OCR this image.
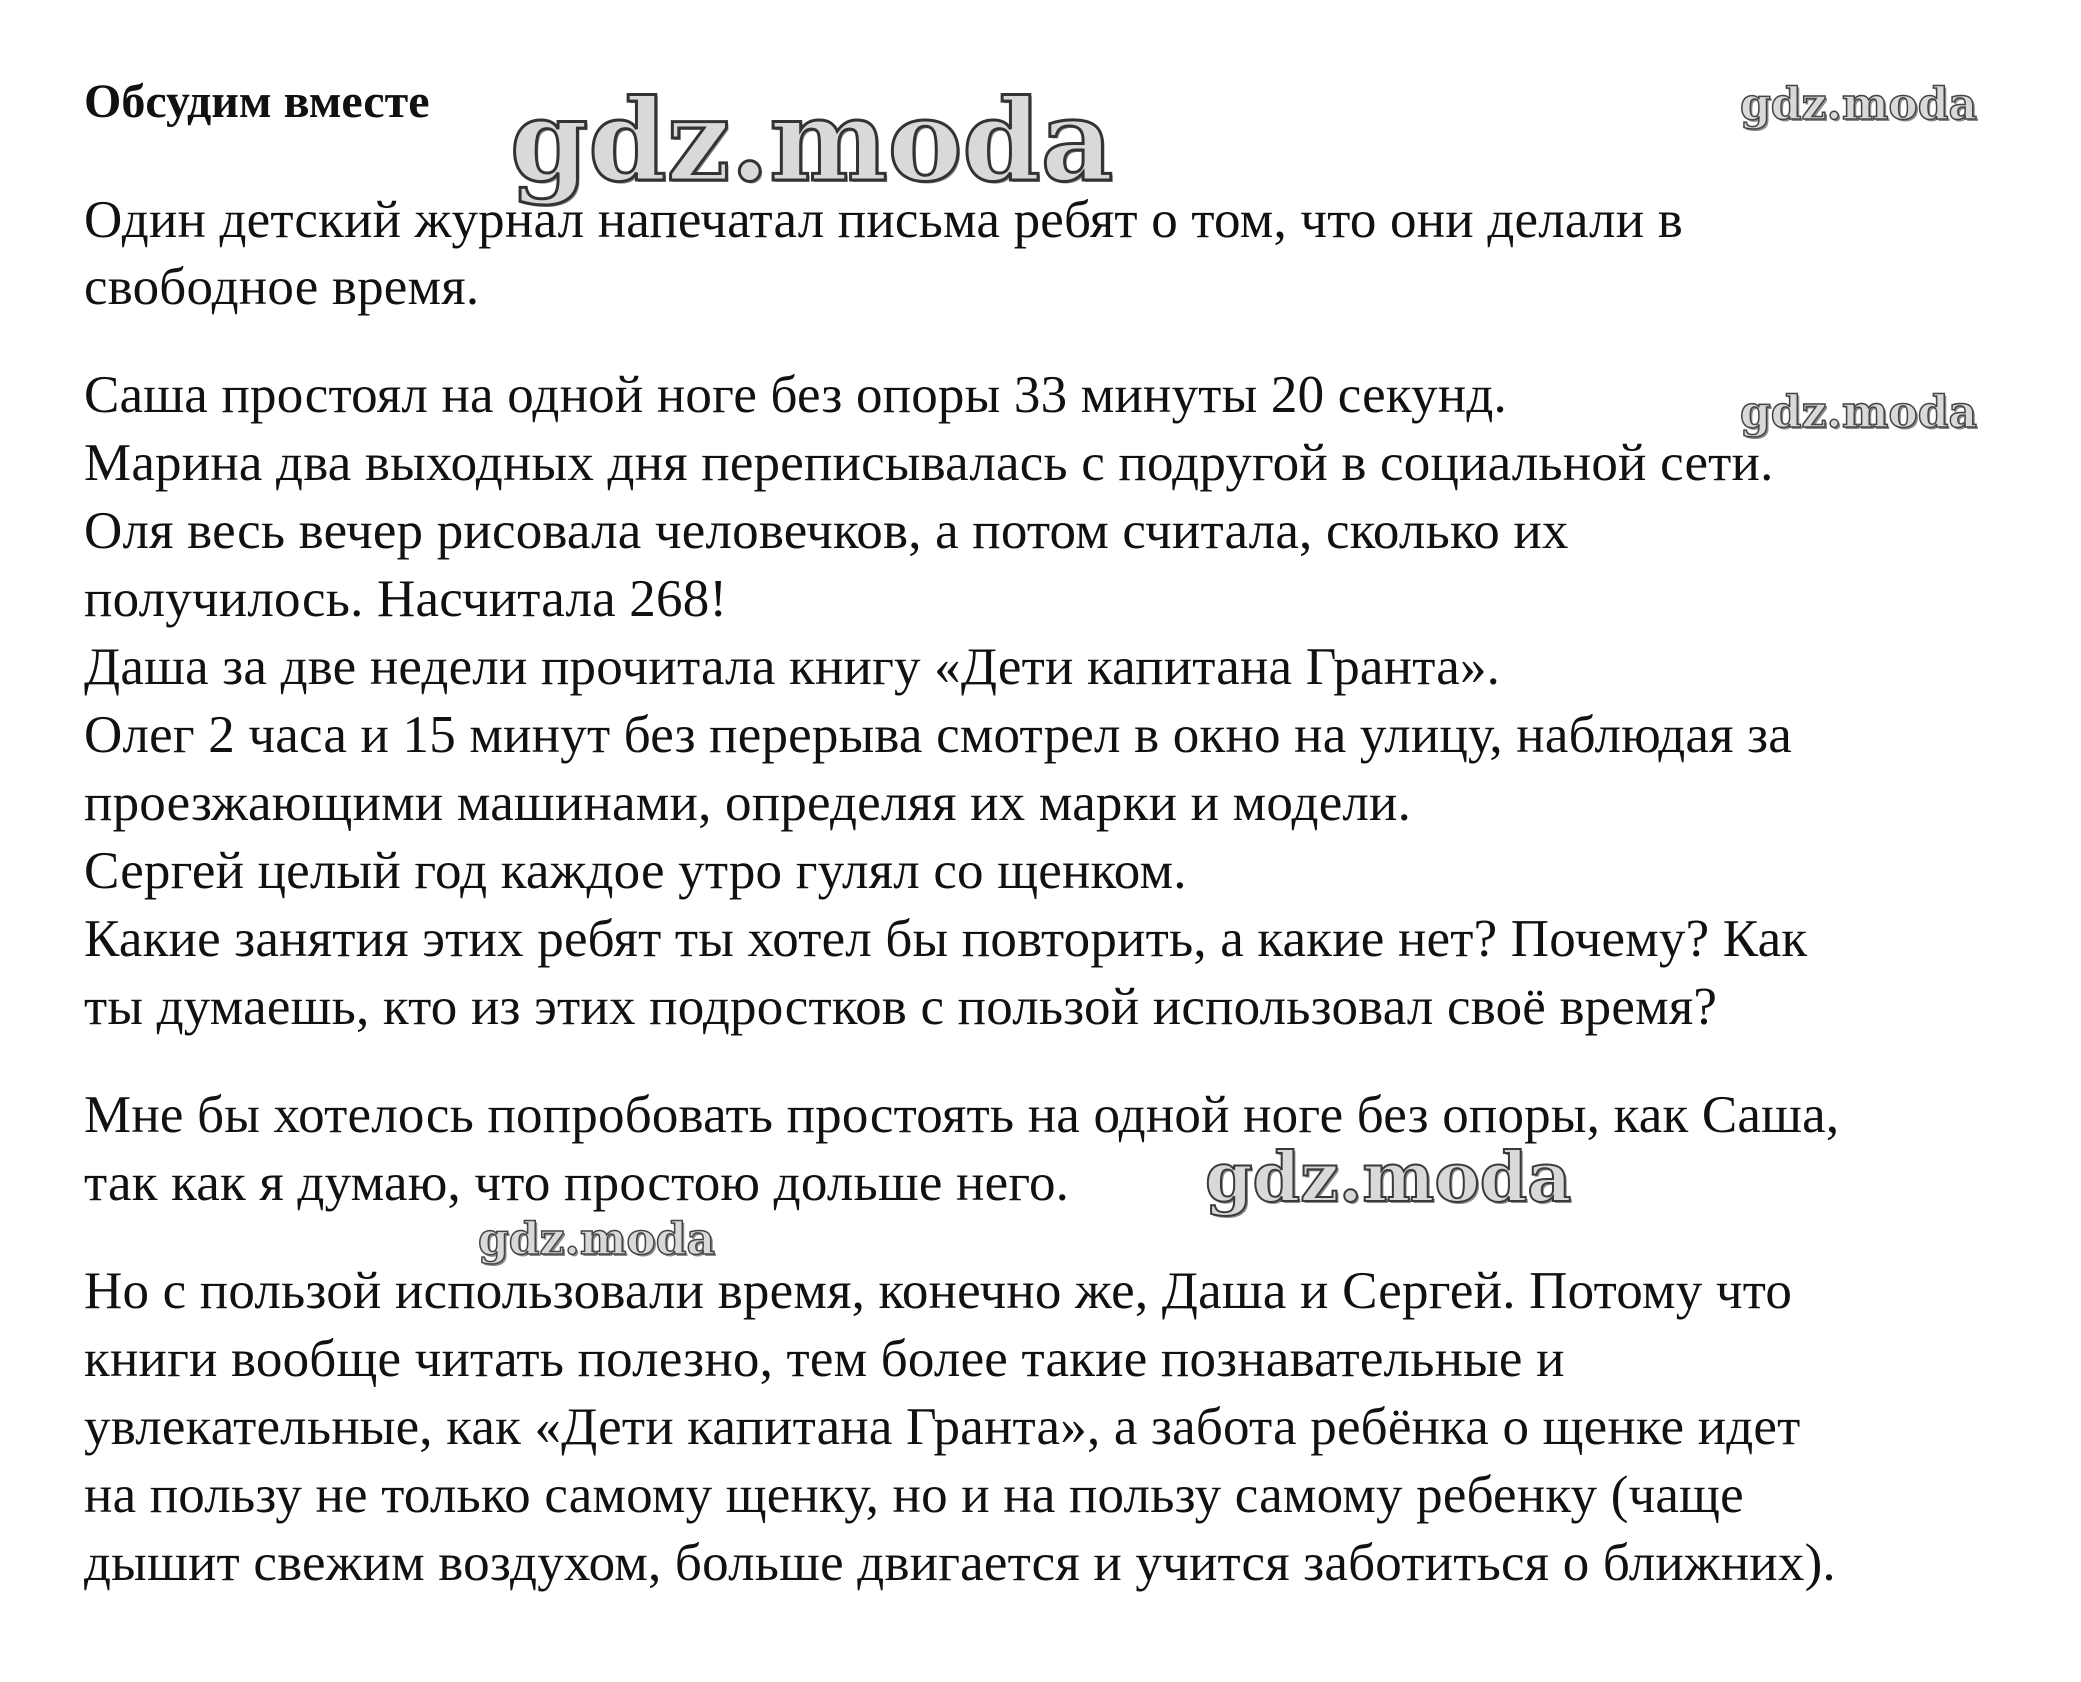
Обсудим вместе
Один детский журнал напечатал письма ребят о том, что они делали в
свободное время.
Саша простоял на одной ноге без опоры 33 минуты 20 секунд.
Марина два выходных дня переписывалась с подругой в социальной сети.
Оля весь вечер рисовала человечков, а потом считала, сколько их
получилось. Насчитала 268!
Даша за две недели прочитала книгу «Дети капитана Гранта».
Олег 2 часа и 15 минут без перерыва смотрел в окно на улицу, наблюдая за
проезжающими машинами, определяя их марки и модели.
Сергей целый год каждое утро гулял со щенком.
Какие занятия этих ребят ты хотел бы повторить, а какие нет? Почему? Как
ты думаешь, кто из этих подростков с пользой использовал своё время?
Мне бы хотелось попробовать простоять на одной ноге без опоры, как Саша,
так как я думаю, что простою дольше него.
Но с пользой использовали время, конечно же, Даша и Сергей. Потому что
книги вообще читать полезно, тем более такие познавательные и
увлекательные, как «Дети капитана Гранта», а забота ребёнка о щенке идет
на пользу не только самому щенку, но и на пользу самому ребенку (чаще
дышит свежим воздухом, больше двигается и учится заботиться о ближних).
gdz.moda	gdz.moda
gdz.moda
gdz.moda
gdz.moda
